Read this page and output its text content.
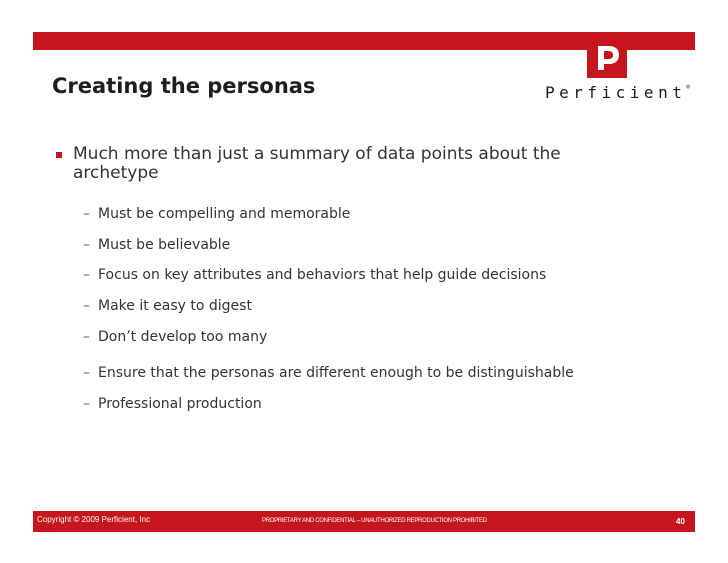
Perficient®
Creating the personas

Much more than just a summary of data points about the archetype

– Must be compelling and memorable
– Must be believable
– Focus on key attributes and behaviors that help guide decisions
– Make it easy to digest
– Don’t develop too many
– Ensure that the personas are different enough to be distinguishable
– Professional production
Copyright © 2009 Perficient, Inc	PROPRIETARY AND CONFIDENTIAL – UNAUTHORIZED REPRODUCTION PROHIBITED	40
